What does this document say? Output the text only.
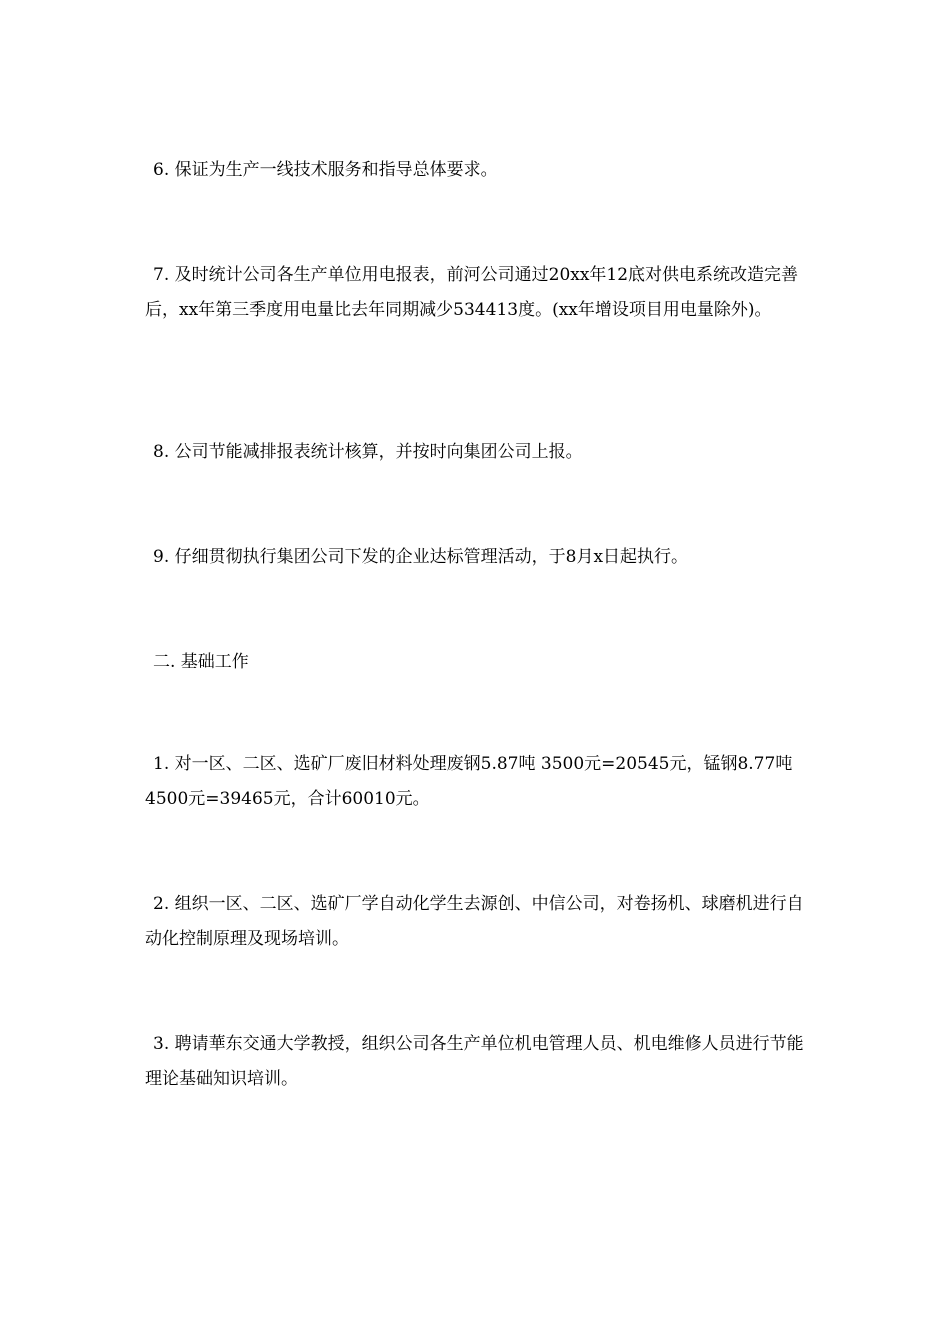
6. 保证为生产一线技术服务和指导总体要求。

7. 及时统计公司各生产单位用电报表，前河公司通过20xx年12底对供电系统改造完善后，xx年第三季度用电量比去年同期减少534413度。(xx年增设项目用电量除外)。

8. 公司节能减排报表统计核算，并按时向集团公司上报。

9. 仔细贯彻执行集团公司下发的企业达标管理活动，于8月x日起执行。

二. 基础工作

1. 对一区、二区、选矿厂废旧材料处理废钢5.87吨 3500元=20545元，锰钢8.77吨 4500元=39465元，合计60010元。

2. 组织一区、二区、选矿厂学自动化学生去源创、中信公司，对卷扬机、球磨机进行自动化控制原理及现场培训。

3. 聘请華东交通大学教授，组织公司各生产单位机电管理人员、机电维修人员进行节能理论基础知识培训。
